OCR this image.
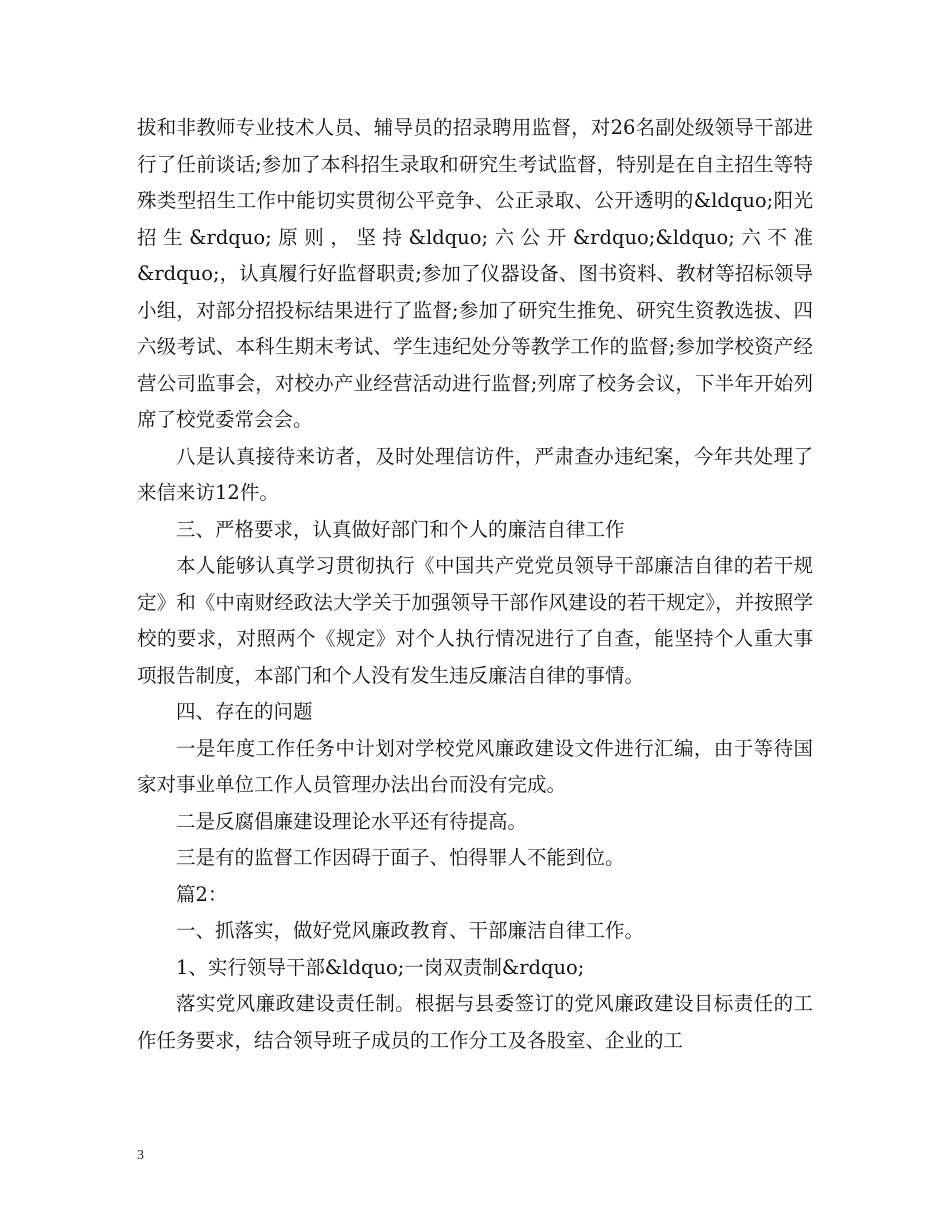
拔和非教师专业技术人员、辅导员的招录聘用监督，对26名副处级领导干部进行了任前谈话;参加了本科招生录取和研究生考试监督，特别是在自主招生等特殊类型招生工作中能切实贯彻公平竞争、公正录取、公开透明的&ldquo;阳光招生&rdquo;原则，坚持&ldquo;六公开&rdquo;&ldquo;六不准&rdquo;，认真履行好监督职责;参加了仪器设备、图书资料、教材等招标领导小组，对部分招投标结果进行了监督;参加了研究生推免、研究生资教选拔、四六级考试、本科生期末考试、学生违纪处分等教学工作的监督;参加学校资产经营公司监事会，对校办产业经营活动进行监督;列席了校务会议，下半年开始列席了校党委常会会。

八是认真接待来访者，及时处理信访件，严肃查办违纪案，今年共处理了来信来访12件。

三、严格要求，认真做好部门和个人的廉洁自律工作

本人能够认真学习贯彻执行《中国共产党党员领导干部廉洁自律的若干规定》和《中南财经政法大学关于加强领导干部作风建设的若干规定》，并按照学校的要求，对照两个《规定》对个人执行情况进行了自查，能坚持个人重大事项报告制度，本部门和个人没有发生违反廉洁自律的事情。

四、存在的问题

一是年度工作任务中计划对学校党风廉政建设文件进行汇编，由于等待国家对事业单位工作人员管理办法出台而没有完成。

二是反腐倡廉建设理论水平还有待提高。

三是有的监督工作因碍于面子、怕得罪人不能到位。

篇2：

一、抓落实，做好党风廉政教育、干部廉洁自律工作。

1、实行领导干部&ldquo;一岗双责制&rdquo;

落实党风廉政建设责任制。根据与县委签订的党风廉政建设目标责任的工作任务要求，结合领导班子成员的工作分工及各股室、企业的工

3
